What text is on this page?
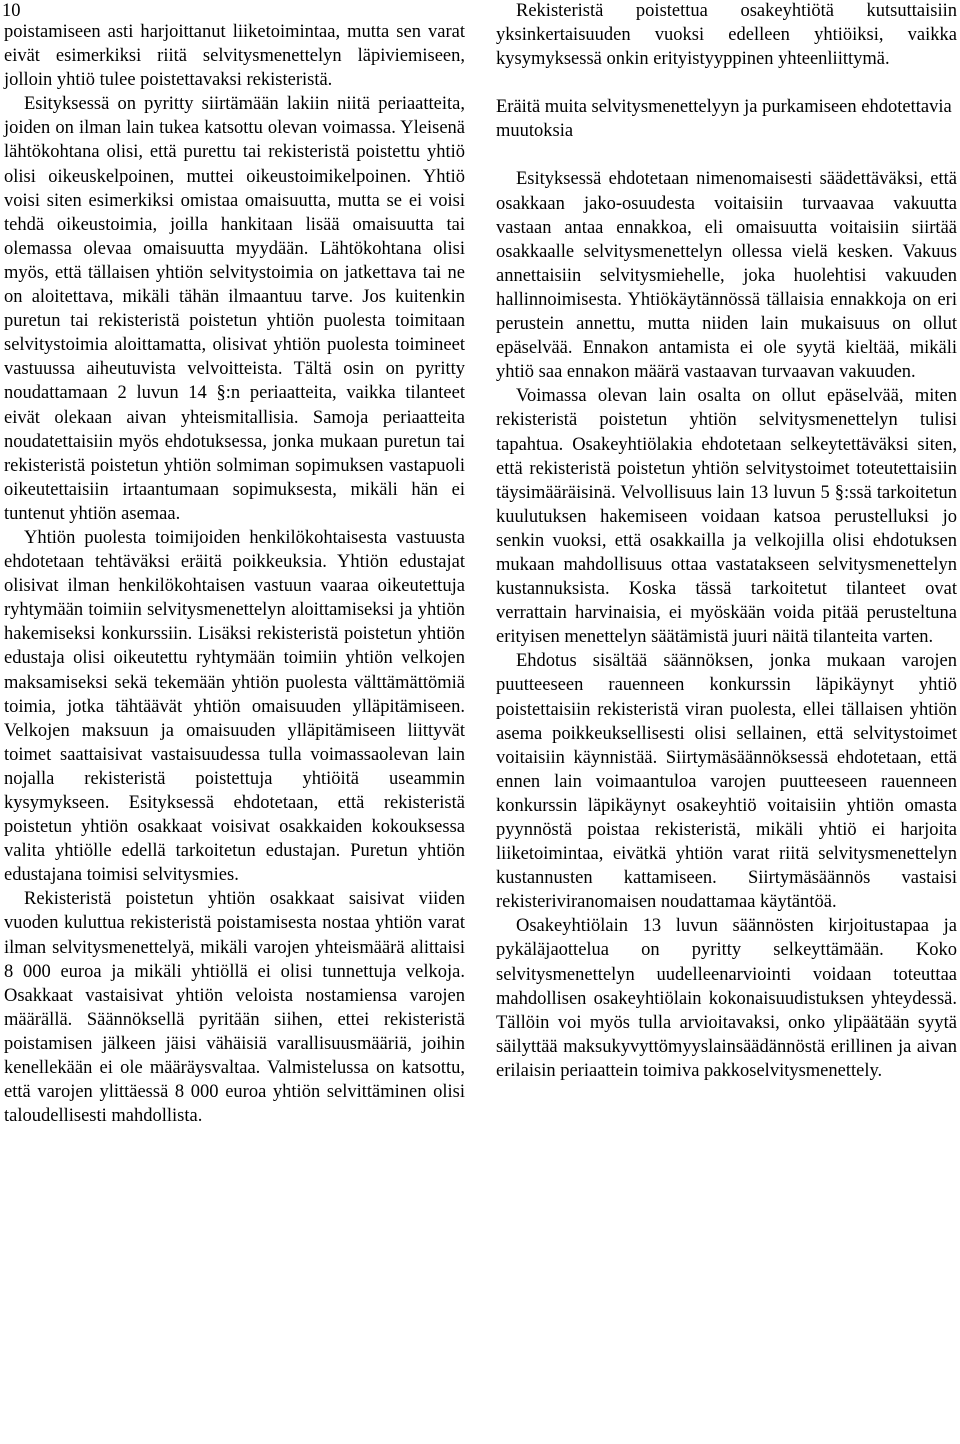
10

poistamiseen asti harjoittanut liiketoimintaa, mutta sen varat eivät esimerkiksi riitä selvitysmenettelyn läpiviemiseen, jolloin yhtiö tulee poistettavaksi rekisteristä.

Esityksessä on pyritty siirtämään lakiin niitä periaatteita, joiden on ilman lain tukea katsottu olevan voimassa. Yleisenä lähtökohtana olisi, että purettu tai rekisteristä poistettu yhtiö olisi oikeuskelpoinen, muttei oikeustoimikelpoinen. Yhtiö voisi siten esimerkiksi omistaa omaisuutta, mutta se ei voisi tehdä oikeustoimia, joilla hankitaan lisää omaisuutta tai olemassa olevaa omaisuutta myydään. Lähtökohtana olisi myös, että tällaisen yhtiön selvitystoimia on jatkettava tai ne on aloitettava, mikäli tähän ilmaantuu tarve. Jos kuitenkin puretun tai rekisteristä poistetun yhtiön puolesta toimitaan selvitystoimia aloittamatta, olisivat yhtiön puolesta toimineet vastuussa aiheutuvista velvoitteista. Tältä osin on pyritty noudattamaan 2 luvun 14 §:n periaatteita, vaikka tilanteet eivät olekaan aivan yhteismitallisia. Samoja periaatteita noudatettaisiin myös ehdotuksessa, jonka mukaan puretun tai rekisteristä poistetun yhtiön solmiman sopimuksen vastapuoli oikeutettaisiin irtaantumaan sopimuksesta, mikäli hän ei tuntenut yhtiön asemaa.

Yhtiön puolesta toimijoiden henkilökohtaisesta vastuusta ehdotetaan tehtäväksi eräitä poikkeuksia. Yhtiön edustajat olisivat ilman henkilökohtaisen vastuun vaaraa oikeutettuja ryhtymään toimiin selvitysmenettelyn aloittamiseksi ja yhtiön hakemiseksi konkurssiin. Lisäksi rekisteristä poistetun yhtiön edustaja olisi oikeutettu ryhtymään toimiin yhtiön velkojen maksamiseksi sekä tekemään yhtiön puolesta välttämättömiä toimia, jotka tähtäävät yhtiön omaisuuden ylläpitämiseen. Velkojen maksuun ja omaisuuden ylläpitämiseen liittyvät toimet saattaisivat vastaisuudessa tulla voimassaolevan lain nojalla rekisteristä poistettuja yhtiöitä useammin kysymykseen. Esityksessä ehdotetaan, että rekisteristä poistetun yhtiön osakkaat voisivat osakkaiden kokouksessa valita yhtiölle edellä tarkoitetun edustajan. Puretun yhtiön edustajana toimisi selvitysmies.

Rekisteristä poistetun yhtiön osakkaat saisivat viiden vuoden kuluttua rekisteristä poistamisesta nostaa yhtiön varat ilman selvitysmenettelyä, mikäli varojen yhteismäärä alittaisi 8 000 euroa ja mikäli yhtiöllä ei olisi tunnettuja velkoja. Osakkaat vastaisivat yhtiön veloista nostamiensa varojen määrällä. Säännöksellä pyritään siihen, ettei rekisteristä poistamisen jälkeen jäisi vähäisiä varallisuusmääriä, joihin kenellekään ei ole määräysvaltaa. Valmistelussa on katsottu, että varojen ylittäessä 8 000 euroa yhtiön selvittäminen olisi taloudellisesti mahdollista.

Rekisteristä poistettua osakeyhtiötä kutsuttaisiin yksinkertaisuuden vuoksi edelleen yhtiöiksi, vaikka kysymyksessä onkin erityistyyppinen yhteenliittymä.

Eräitä muita selvitysmenettelyyn ja purkamiseen ehdotettavia muutoksia

Esityksessä ehdotetaan nimenomaisesti säädettäväksi, että osakkaan jako-osuudesta voitaisiin turvaavaa vakuutta vastaan antaa ennakkoa, eli omaisuutta voitaisiin siirtää osakkaalle selvitysmenettelyn ollessa vielä kesken. Vakuus annettaisiin selvitysmiehelle, joka huolehtisi vakuuden hallinnoimisesta. Yhtiökäytännössä tällaisia ennakkoja on eri perustein annettu, mutta niiden lain mukaisuus on ollut epäselvää. Ennakon antamista ei ole syytä kieltää, mikäli yhtiö saa ennakon määrä vastaavan turvaavan vakuuden.

Voimassa olevan lain osalta on ollut epäselvää, miten rekisteristä poistetun yhtiön selvitysmenettelyn tulisi tapahtua. Osakeyhtiölakia ehdotetaan selkeytettäväksi siten, että rekisteristä poistetun yhtiön selvitystoimet toteutettaisiin täysimääräisinä. Velvollisuus lain 13 luvun 5 §:ssä tarkoitetun kuulutuksen hakemiseen voidaan katsoa perustelluksi jo senkin vuoksi, että osakkailla ja velkojilla olisi ehdotuksen mukaan mahdollisuus ottaa vastatakseen selvitysmenettelyn kustannuksista. Koska tässä tarkoitetut tilanteet ovat verrattain harvinaisia, ei myöskään voida pitää perusteltuna erityisen menettelyn säätämistä juuri näitä tilanteita varten.

Ehdotus sisältää säännöksen, jonka mukaan varojen puutteeseen rauenneen konkurssin läpikäynyt yhtiö poistettaisiin rekisteristä viran puolesta, ellei tällaisen yhtiön asema poikkeuksellisesti olisi sellainen, että selvitystoimet voitaisiin käynnistää. Siirtymäsäännöksessä ehdotetaan, että ennen lain voimaantuloa varojen puutteeseen rauenneen konkurssin läpikäynyt osakeyhtiö voitaisiin yhtiön omasta pyynnöstä poistaa rekisteristä, mikäli yhtiö ei harjoita liiketoimintaa, eivätkä yhtiön varat riitä selvitysmenettelyn kustannusten kattamiseen. Siirtymäsäännös vastaisi rekisteriviranomaisen noudattamaa käytäntöä.

Osakeyhtiölain 13 luvun säännösten kirjoitustapaa ja pykäläjaottelua on pyritty selkeyttämään. Koko selvitysmenettelyn uudelleenarviointi voidaan toteuttaa mahdollisen osakeyhtiölain kokonaisuudistuksen yhteydessä. Tällöin voi myös tulla arvioitavaksi, onko ylipäätään syytä säilyttää maksukyvyttömyyslainsäädännöstä erillinen ja aivan erilaisin periaattein toimiva pakkoselvitysmenettely.
